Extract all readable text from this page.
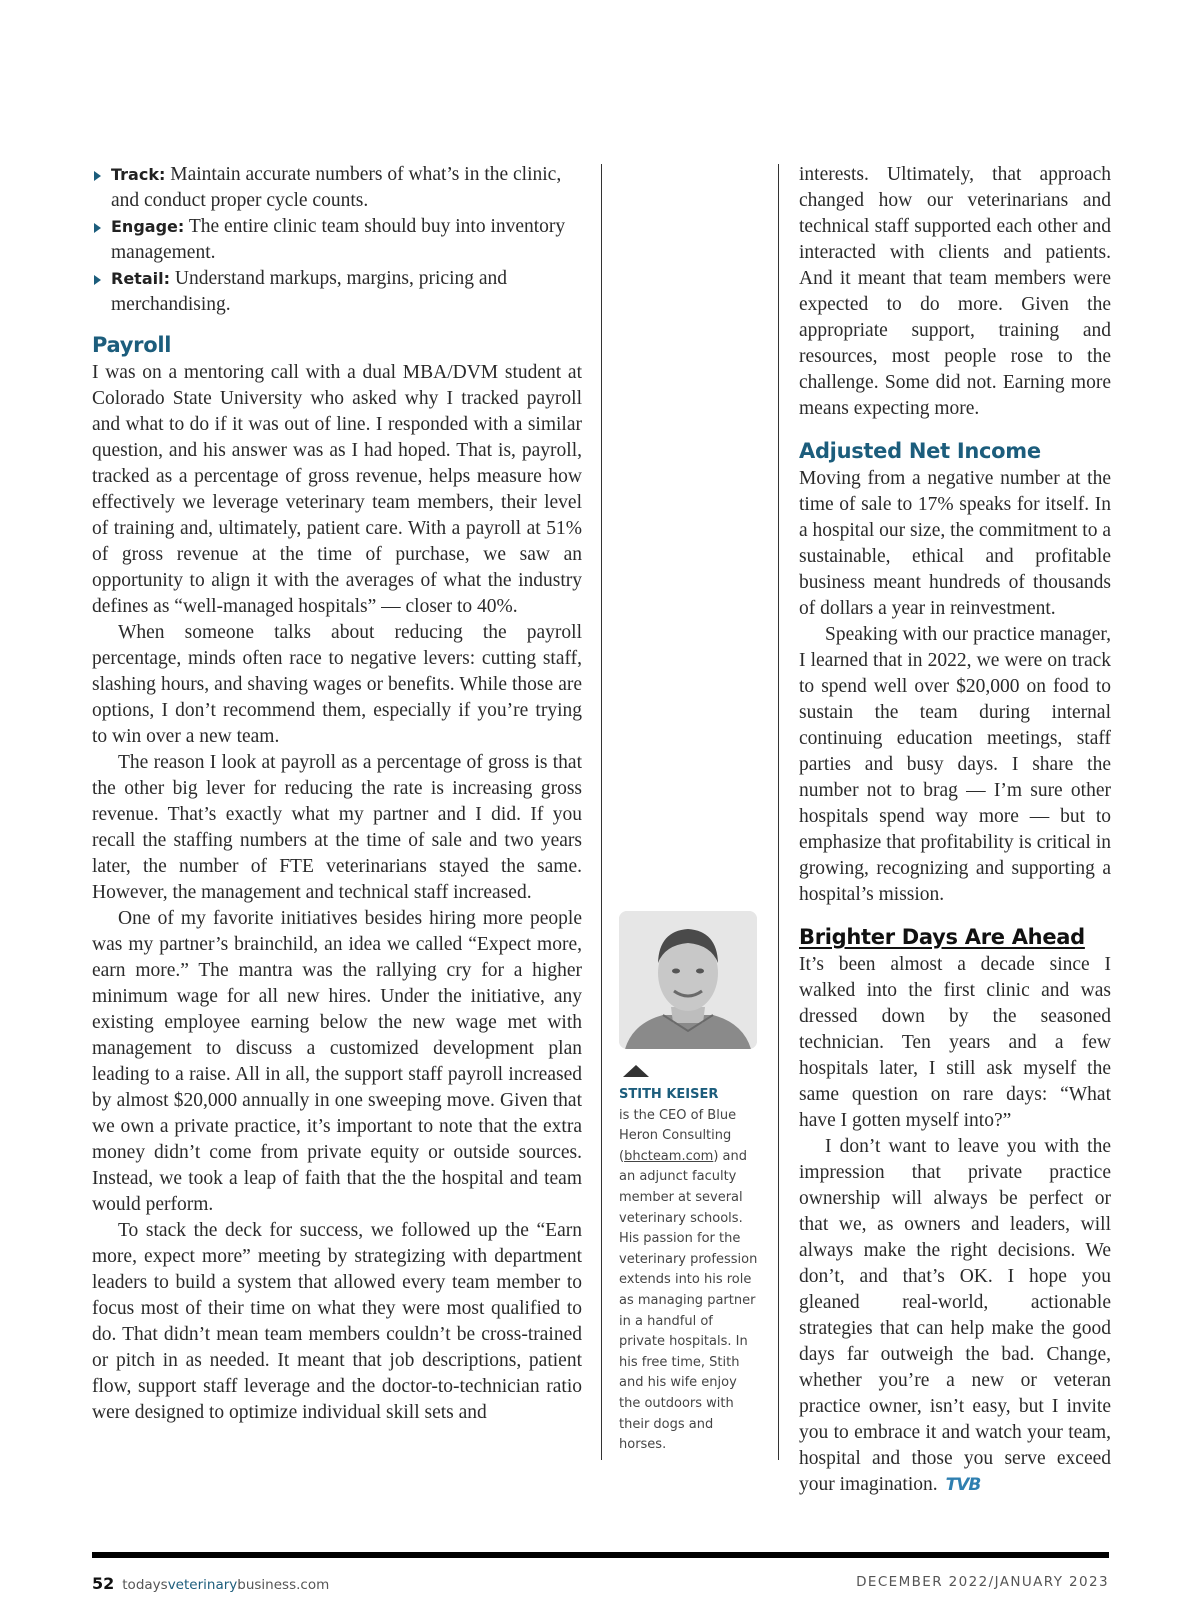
Track: Maintain accurate numbers of what’s in the clinic, and conduct proper cycle counts.
Engage: The entire clinic team should buy into inventory management.
Retail: Understand markups, margins, pricing and merchandising.
Payroll

I was on a mentoring call with a dual MBA/DVM student at Colorado State University who asked why I tracked payroll and what to do if it was out of line. I responded with a similar question, and his answer was as I had hoped. That is, payroll, tracked as a percentage of gross revenue, helps measure how effectively we leverage veterinary team members, their level of training and, ultimately, patient care. With a payroll at 51% of gross revenue at the time of purchase, we saw an opportunity to align it with the averages of what the industry defines as “well-managed hospitals” — closer to 40%.

When someone talks about reducing the payroll percentage, minds often race to negative levers: cutting staff, slashing hours, and shaving wages or benefits. While those are options, I don’t recommend them, especially if you’re trying to win over a new team.

The reason I look at payroll as a percentage of gross is that the other big lever for reducing the rate is increasing gross revenue. That’s exactly what my partner and I did. If you recall the staffing numbers at the time of sale and two years later, the number of FTE veterinarians stayed the same. However, the management and technical staff increased.

One of my favorite initiatives besides hiring more people was my partner’s brainchild, an idea we called “Expect more, earn more.” The mantra was the rallying cry for a higher minimum wage for all new hires. Under the initiative, any existing employee earning below the new wage met with management to discuss a customized development plan leading to a raise. All in all, the support staff payroll increased by almost $20,000 annually in one sweeping move. Given that we own a private practice, it’s important to note that the extra money didn’t come from private equity or outside sources. Instead, we took a leap of faith that the the hospital and team would perform.

To stack the deck for success, we followed up the “Earn more, expect more” meeting by strategizing with department leaders to build a system that allowed every team member to focus most of their time on what they were most qualified to do. That didn’t mean team members couldn’t be cross-trained or pitch in as needed. It meant that job descriptions, patient flow, support staff leverage and the doctor-to-technician ratio were designed to optimize individual skill sets and

STITH KEISER
is the CEO of Blue Heron Consulting (bhcteam.com) and an adjunct faculty member at several veterinary schools. His passion for the veterinary profession extends into his role as managing partner in a handful of private hospitals. In his free time, Stith and his wife enjoy the outdoors with their dogs and horses.

interests. Ultimately, that approach changed how our veterinarians and technical staff supported each other and interacted with clients and patients. And it meant that team members were expected to do more. Given the appropriate support, training and resources, most people rose to the challenge. Some did not. Earning more means expecting more.

Adjusted Net Income

Moving from a negative number at the time of sale to 17% speaks for itself. In a hospital our size, the commitment to a sustainable, ethical and profitable business meant hundreds of thousands of dollars a year in reinvestment.

Speaking with our practice manager, I learned that in 2022, we were on track to spend well over $20,000 on food to sustain the team during internal continuing education meetings, staff parties and busy days. I share the number not to brag — I’m sure other hospitals spend way more — but to emphasize that profitability is critical in growing, recognizing and supporting a hospital’s mission.

Brighter Days Are Ahead

It’s been almost a decade since I walked into the first clinic and was dressed down by the seasoned technician. Ten years and a few hospitals later, I still ask myself the same question on rare days: “What have I gotten myself into?”

I don’t want to leave you with the impression that private practice ownership will always be perfect or that we, as owners and leaders, will always make the right decisions. We don’t, and that’s OK. I hope you gleaned real-world, actionable strategies that can help make the good days far outweigh the bad. Change, whether you’re a new or veteran practice owner, isn’t easy, but I invite you to embrace it and watch your team, hospital and those you serve exceed your imagination. TVB

52 todaysveterinarybusiness.com	DECEMBER 2022/JANUARY 2023
